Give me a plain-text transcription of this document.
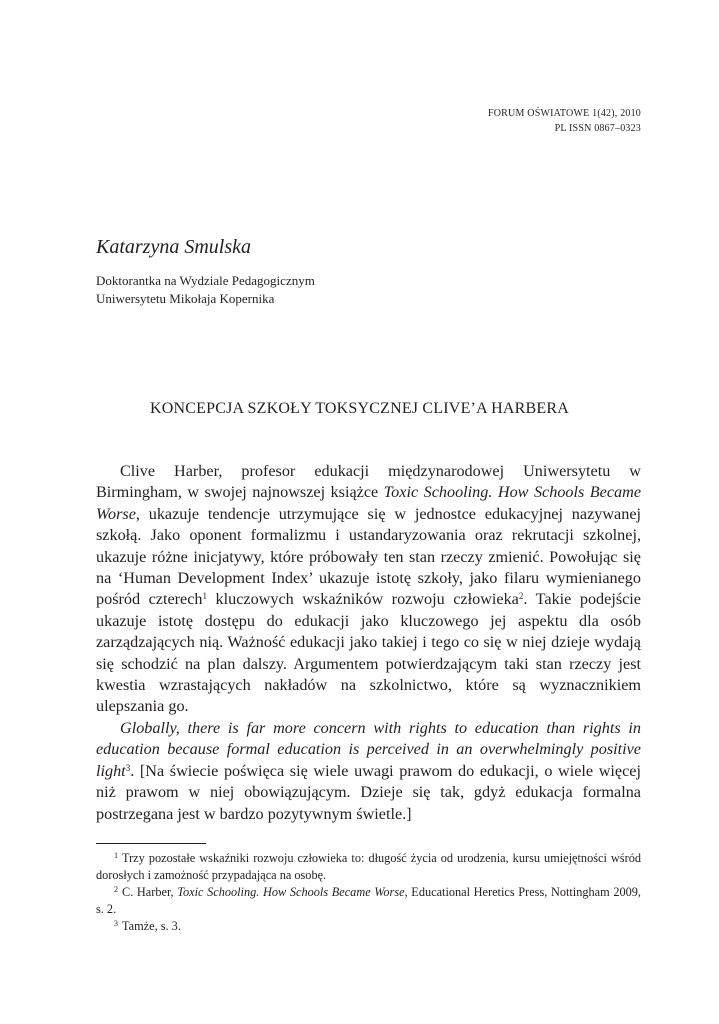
FORUM OŚWIATOWE 1(42), 2010
PL ISSN 0867–0323
Katarzyna Smulska
Doktorantka na Wydziale Pedagogicznym
Uniwersytetu Mikołaja Kopernika
KONCEPCJA SZKOŁY TOKSYCZNEJ CLIVE’A HARBERA

Clive Harber, profesor edukacji międzynarodowej Uniwersytetu w Birmingham, w swojej najnowszej książce Toxic Schooling. How Schools Became Worse, ukazuje tendencje utrzymujące się w jednostce edukacyjnej nazywanej szkołą. Jako oponent formalizmu i ustandaryzowania oraz rekrutacji szkolnej, ukazuje różne inicjatywy, które próbowały ten stan rzeczy zmienić. Powołując się na ‘Human Development Index’ ukazuje istotę szkoły, jako filaru wymienianego pośród czterech$^1$ kluczowych wskaźników rozwoju człowieka$^2$. Takie podejście ukazuje istotę dostępu do edukacji jako kluczowego jej aspektu dla osób zarządzających nią. Ważność edukacji jako takiej i tego co się w niej dzieje wydają się schodzić na plan dalszy. Argumentem potwierdzającym taki stan rzeczy jest kwestia wzrastających nakładów na szkolnictwo, które są wyznacznikiem ulepszania go.

Globally, there is far more concern with rights to education than rights in education because formal education is perceived in an overwhelmingly positive light$^3$. [Na świecie poświęca się wiele uwagi prawom do edukacji, o wiele więcej niż prawom w niej obowiązującym. Dzieje się tak, gdyż edukacja formalna postrzegana jest w bardzo pozytywnym świetle.]

$^1$ Trzy pozostałe wskaźniki rozwoju człowieka to: długość życia od urodzenia, kursu umiejętności wśród dorosłych i zamożność przypadająca na osobę.

$^2$ C. Harber, Toxic Schooling. How Schools Became Worse, Educational Heretics Press, Nottingham 2009, s. 2.

$^3$ Tamże, s. 3.
